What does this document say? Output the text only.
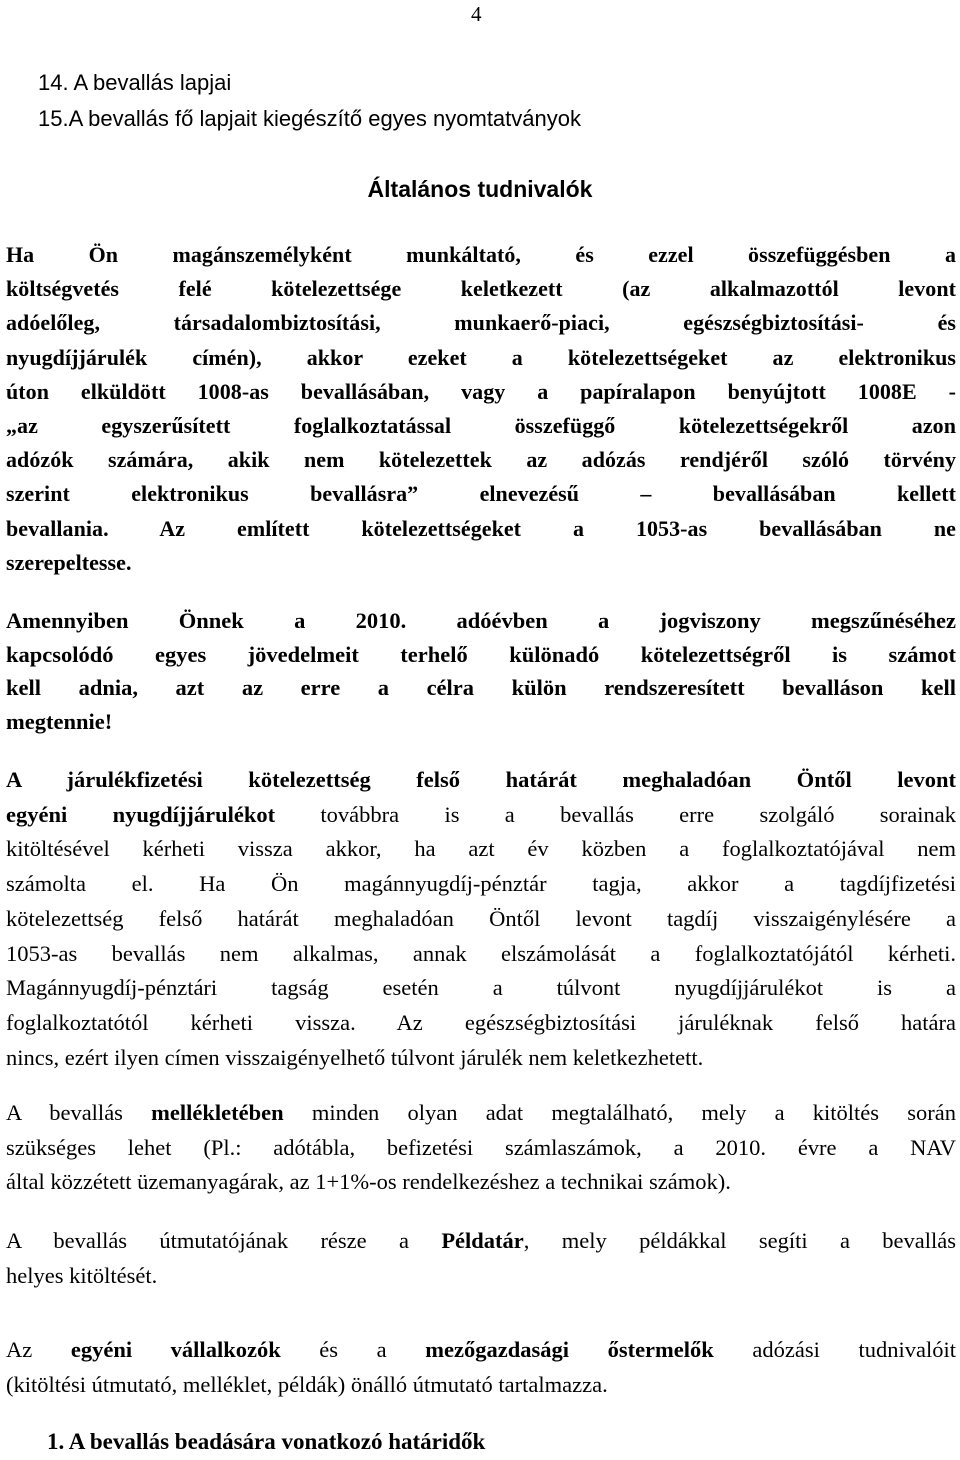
4
14. A bevallás lapjai
15.A bevallás fő lapjait kiegészítő egyes nyomtatványok
Általános tudnivalók
Ha Ön magánszemélyként munkáltató, és ezzel összefüggésben a
költségvetés felé kötelezettsége keletkezett (az alkalmazottól levont
adóelőleg, társadalombiztosítási, munkaerő-piaci, egészségbiztosítási- és
nyugdíjjárulék címén), akkor ezeket a kötelezettségeket az elektronikus
úton elküldött 1008-as bevallásában, vagy a papíralapon benyújtott 1008E -
„az egyszerűsített foglalkoztatással összefüggő kötelezettségekről azon
adózók számára, akik nem kötelezettek az adózás rendjéről szóló törvény
szerint elektronikus bevallásra” elnevezésű – bevallásában kellett
bevallania. Az említett kötelezettségeket a 1053-as bevallásában ne
szerepeltesse.
Amennyiben Önnek a 2010. adóévben a jogviszony megszűnéséhez
kapcsolódó egyes jövedelmeit terhelő különadó kötelezettségről is számot
kell adnia, azt az erre a célra külön rendszeresített bevalláson kell
megtennie!
A járulékfizetési kötelezettség felső határát meghaladóan Öntől levont
egyéni nyugdíjjárulékot továbbra is a bevallás erre szolgáló sorainak
kitöltésével kérheti vissza akkor, ha azt év közben a foglalkoztatójával nem
számolta el. Ha Ön magánnyugdíj-pénztár tagja, akkor a tagdíjfizetési
kötelezettség felső határát meghaladóan Öntől levont tagdíj visszaigénylésére a
1053-as bevallás nem alkalmas, annak elszámolását a foglalkoztatójától kérheti.
Magánnyugdíj-pénztári tagság esetén a túlvont nyugdíjjárulékot is a
foglalkoztatótól kérheti vissza. Az egészségbiztosítási járuléknak felső határa
nincs, ezért ilyen címen visszaigényelhető túlvont járulék nem keletkezhetett.
A bevallás mellékletében minden olyan adat megtalálható, mely a kitöltés során
szükséges lehet (Pl.: adótábla, befizetési számlaszámok, a 2010. évre a NAV
által közzétett üzemanyagárak, az 1+1%-os rendelkezéshez a technikai számok).
A bevallás útmutatójának része a Példatár, mely példákkal segíti a bevallás
helyes kitöltését.
Az egyéni vállalkozók és a mezőgazdasági őstermelők adózási tudnivalóit
(kitöltési útmutató, melléklet, példák) önálló útmutató tartalmazza.
1. A bevallás beadására vonatkozó határidők
